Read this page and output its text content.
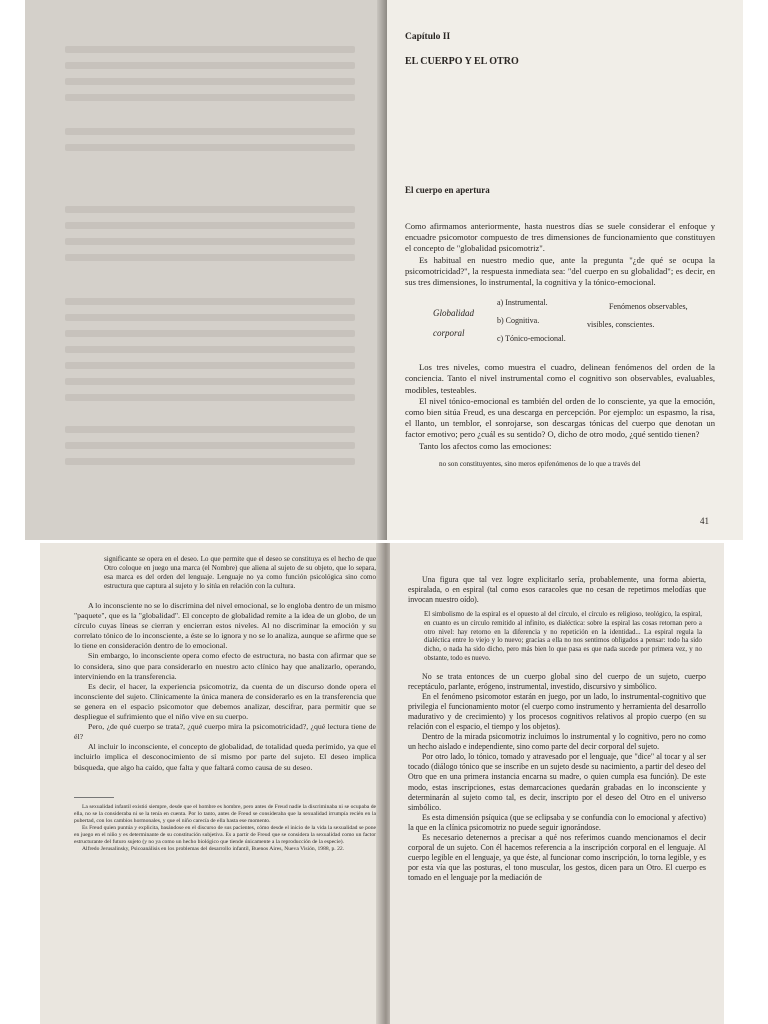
Capítulo II

EL CUERPO Y EL OTRO

El cuerpo en apertura

Como afirmamos anteriormente, hasta nuestros días se suele considerar el enfoque y encuadre psicomotor compuesto de tres dimensiones de funcionamiento que constituyen el concepto de "globalidad psicomotriz".

Es habitual en nuestro medio que, ante la pregunta "¿de qué se ocupa la psicomotricidad?", la respuesta inmediata sea: "del cuerpo en su globalidad"; es decir, en sus tres dimensiones, lo instrumental, la cognitiva y la tónico-emocional.

Globalidad
corporal
a) Instrumental.
b) Cognitiva.
c) Tónico-emocional.
Fenómenos observables,
visibles, conscientes.

Los tres niveles, como muestra el cuadro, delinean fenómenos del orden de la conciencia. Tanto el nivel instrumental como el cognitivo son observables, evaluables, modibles, testeables.

El nivel tónico-emocional es también del orden de lo consciente, ya que la emoción, como bien sitúa Freud, es una descarga en percepción. Por ejemplo: un espasmo, la risa, el llanto, un temblor, el sonrojarse, son descargas tónicas del cuerpo que denotan un factor emotivo; pero ¿cuál es su sentido? O, dicho de otro modo, ¿qué sentido tienen?

Tanto los afectos como las emociones:

no son constituyentes, sino meros epifenómenos de lo que a través del

41

significante se opera en el deseo. Lo que permite que el deseo se constituya es el hecho de que Otro coloque en juego una marca (el Nombre) que aliena al sujeto de su objeto, que lo separa, esa marca es del orden del lenguaje. Lenguaje no ya como función psicológica sino como estructura que captura al sujeto y lo sitúa en relación con la cultura.

A lo inconsciente no se lo discrimina del nivel emocional, se lo engloba dentro de un mismo "paquete", que es la "globalidad". El concepto de globalidad remite a la idea de un globo, de un círculo cuyas líneas se cierran y encierran estos niveles. Al no discriminar la emoción y su correlato tónico de lo inconsciente, a éste se lo ignora y no se lo analiza, aunque se afirme que se lo tiene en consideración dentro de lo emocional.

Sin embargo, lo inconsciente opera como efecto de estructura, no basta con afirmar que se lo considera, sino que para considerarlo en nuestro acto clínico hay que analizarlo, operando, interviniendo en la transferencia.

Es decir, el hacer, la experiencia psicomotriz, da cuenta de un discurso donde opera el inconsciente del sujeto. Clínicamente la única manera de considerarlo es en la transferencia que se genera en el espacio psicomotor que debemos analizar, descifrar, para permitir que se despliegue el sufrimiento que el niño vive en su cuerpo.

Pero, ¿de qué cuerpo se trata?, ¿qué cuerpo mira la psicomotricidad?, ¿qué lectura tiene de él?

Al incluir lo inconsciente, el concepto de globalidad, de totalidad queda perimido, ya que el incluirlo implica el desconocimiento de sí mismo por parte del sujeto. El deseo implica búsqueda, que algo ha caído, que falta y que faltará como causa de su deseo.

La sexualidad infantil existió siempre, desde que el hombre es hombre, pero antes de Freud nadie la discriminaba ni se ocupaba de ella, no se la consideraba ni se la tenía en cuenta. Por lo tanto, antes de Freud se consideraba que la sexualidad irrumpía recién en la pubertad, con los cambios hormonales, y que el niño carecía de ella hasta ese momento.

Es Freud quien puntúa y explicita, basándose en el discurso de sus pacientes, cómo desde el inicio de la vida la sexualidad se pone en juego en el niño y es determinante de su constitución subjetiva. Es a partir de Freud que se considera la sexualidad como un factor estructurante del futuro sujeto (y no ya como un hecho biológico que tiende únicamente a la reproducción de la especie).

Alfredo Jerusalinsky, Psicoanálisis en los problemas del desarrollo infantil, Buenos Aires, Nueva Visión, 1988, p. 22.

Una figura que tal vez logre explicitarlo sería, probablemente, una forma abierta, espiralada, o en espiral (tal como esos caracoles que no cesan de repetirnos melodías que invocan nuestro oído).

El simbolismo de la espiral es el opuesto al del círculo, el círculo es religioso, teológico, la espiral, en cuanto es un círculo remitido al infinito, es dialéctica: sobre la espiral las cosas retornan pero a otro nivel: hay retorno en la diferencia y no repetición en la identidad... La espiral regula la dialéctica entre lo viejo y lo nuevo; gracias a ella no nos sentimos obligados a pensar: todo ha sido dicho, o nada ha sido dicho, pero más bien lo que pasa es que nada sucede por primera vez, y no obstante, todo es nuevo.

No se trata entonces de un cuerpo global sino del cuerpo de un sujeto, cuerpo receptáculo, parlante, erógeno, instrumental, investido, discursivo y simbólico.

En el fenómeno psicomotor estarán en juego, por un lado, lo instrumental-cognitivo que privilegia el funcionamiento motor (el cuerpo como instrumento y herramienta del desarrollo madurativo y de crecimiento) y los procesos cognitivos relativos al propio cuerpo (en su relación con el espacio, el tiempo y los objetos).

Dentro de la mirada psicomotriz incluimos lo instrumental y lo cognitivo, pero no como un hecho aislado e independiente, sino como parte del decir corporal del sujeto.

Por otro lado, lo tónico, tomado y atravesado por el lenguaje, que "dice" al tocar y al ser tocado (diálogo tónico que se inscribe en un sujeto desde su nacimiento, a partir del deseo del Otro que en una primera instancia encarna su madre, o quien cumpla esa función). De este modo, estas inscripciones, estas demarcaciones quedarán grabadas en lo inconsciente y determinarán al sujeto como tal, es decir, inscripto por el deseo del Otro en el universo simbólico.

Es esta dimensión psíquica (que se eclipsaba y se confundía con lo emocional y afectivo) la que en la clínica psicomotriz no puede seguir ignorándose.

Es necesario detenernos a precisar a qué nos referimos cuando mencionamos el decir corporal de un sujeto. Con él hacemos referencia a la inscripción corporal en el lenguaje. Al cuerpo legible en el lenguaje, ya que éste, al funcionar como inscripción, lo torna legible, y es por esta vía que las posturas, el tono muscular, los gestos, dicen para un Otro. El cuerpo es tomado en el lenguaje por la mediación de
